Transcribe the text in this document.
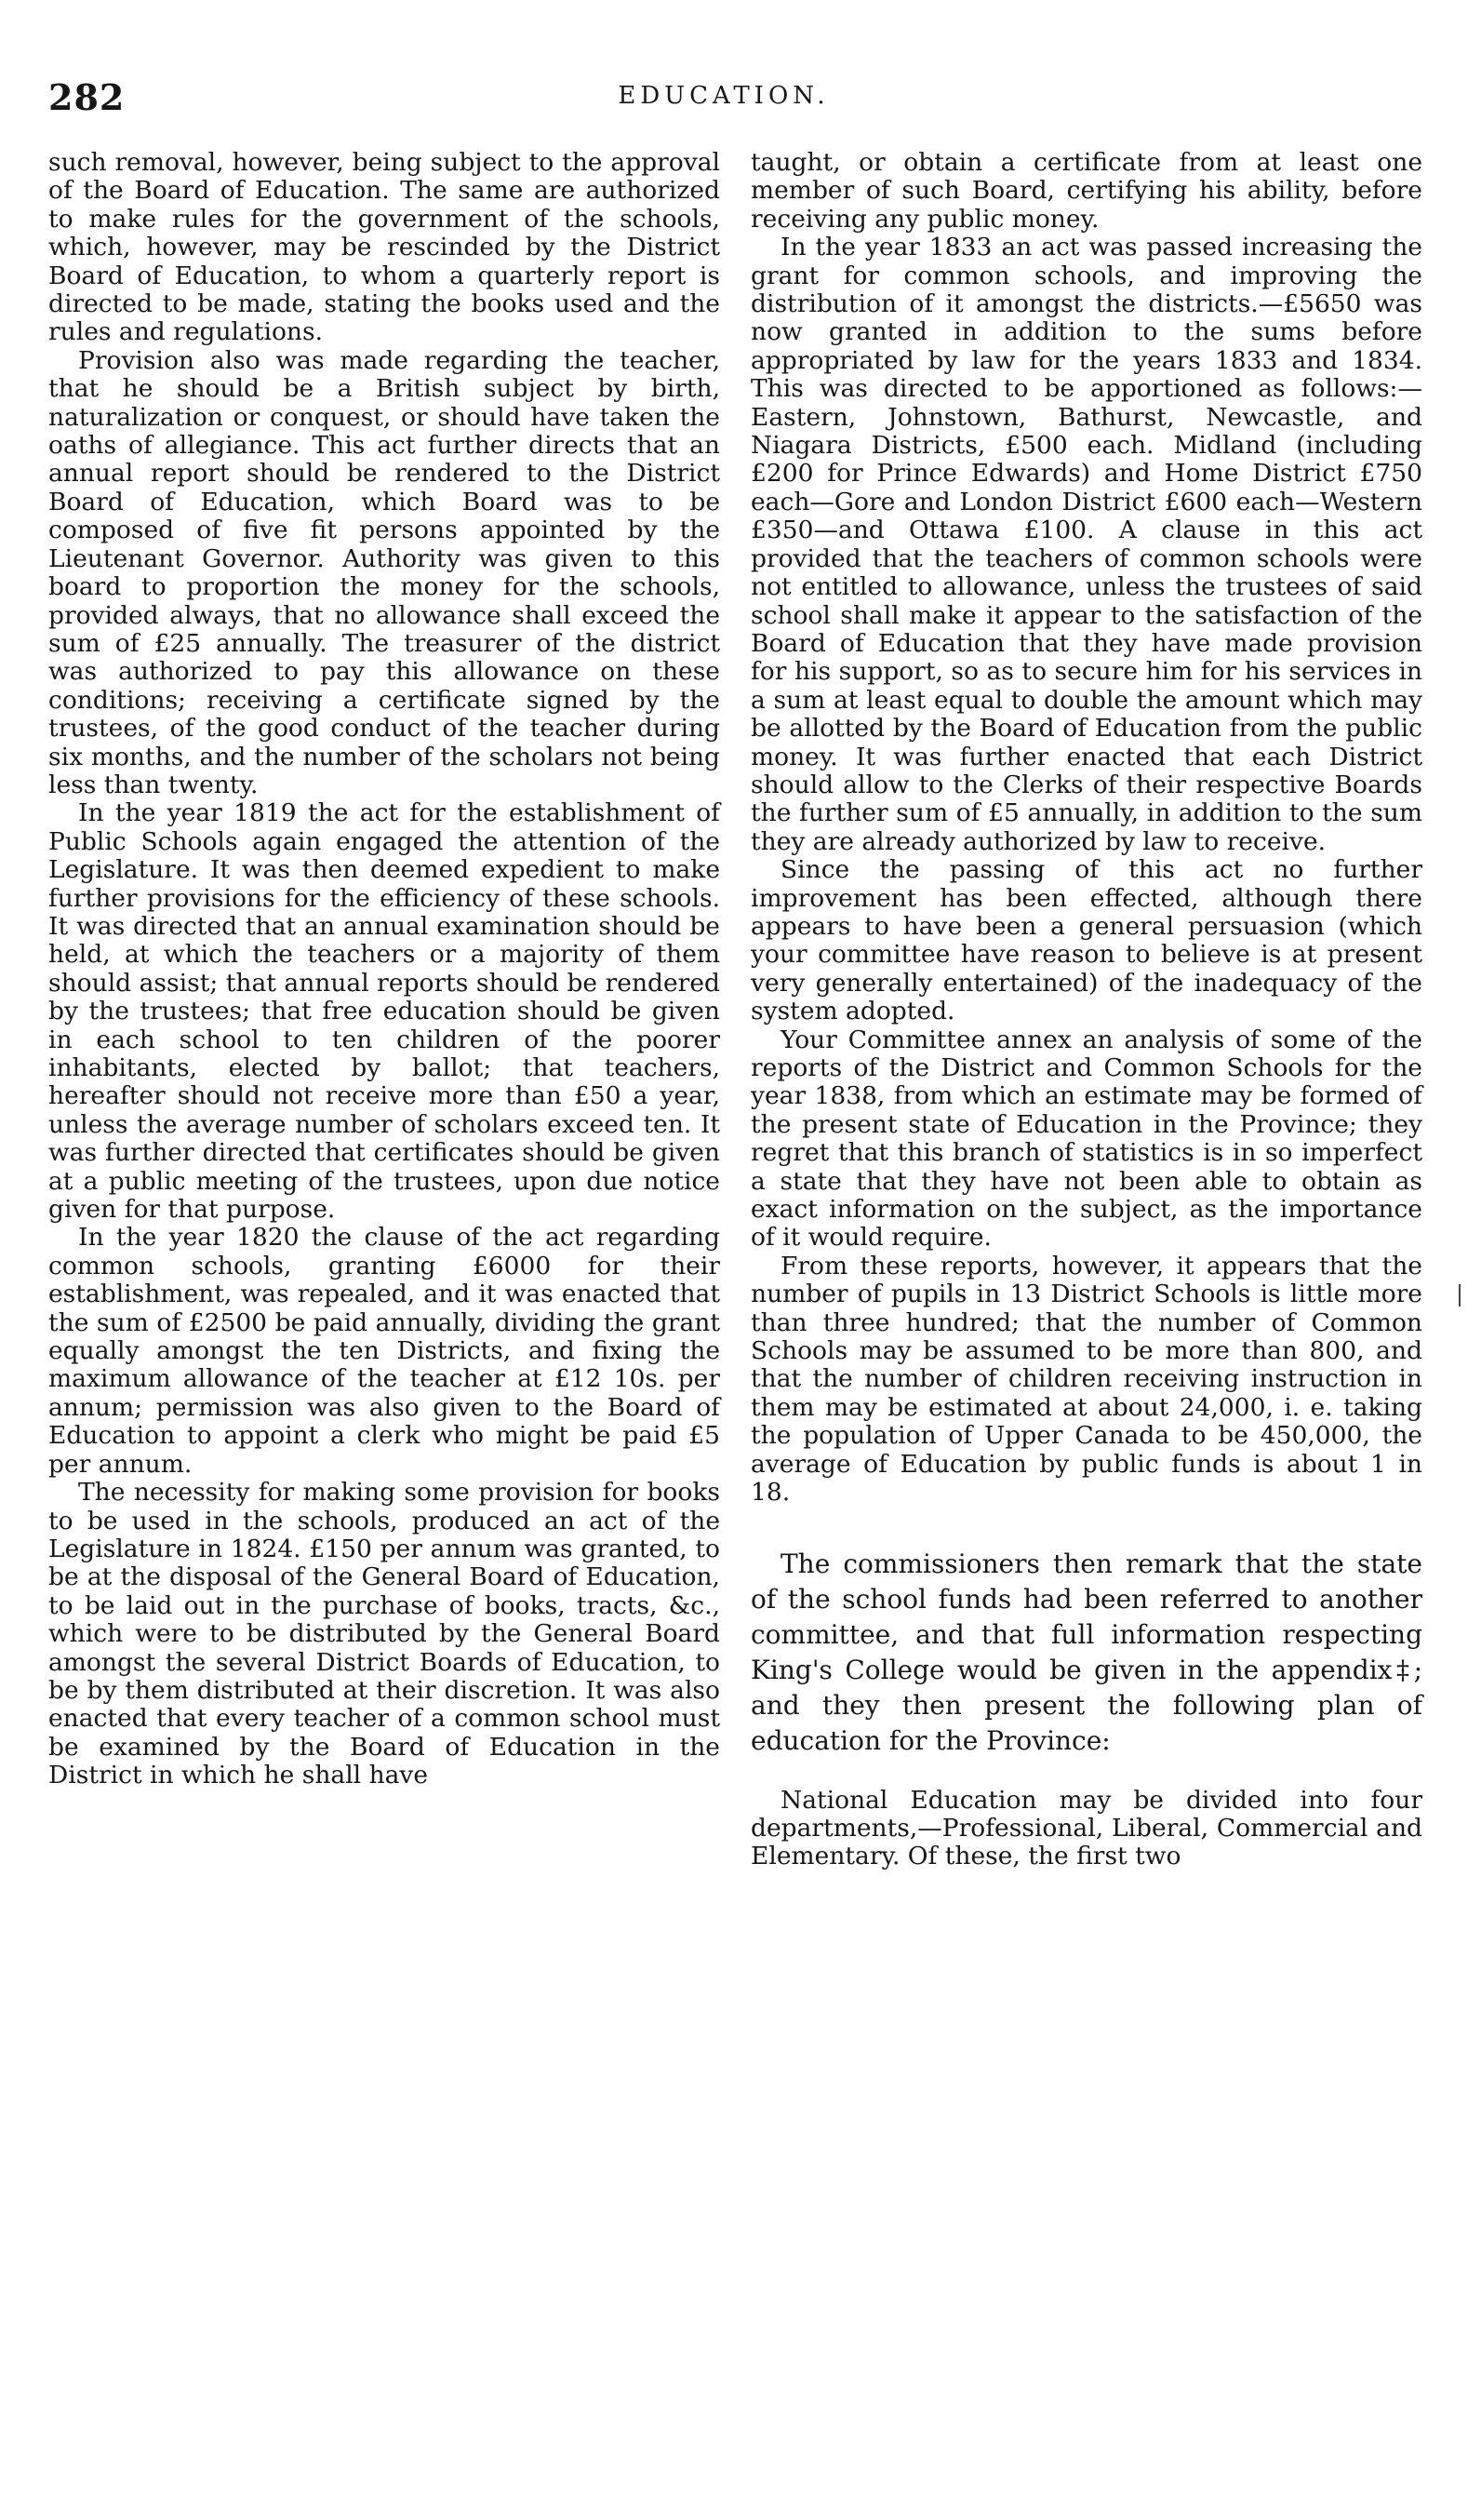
282	EDUCATION.

such removal, however, being subject to the approval of the Board of Education. The same are authorized to make rules for the government of the schools, which, however, may be rescinded by the District Board of Education, to whom a quarterly report is directed to be made, stating the books used and the rules and regulations.

Provision also was made regarding the teacher, that he should be a British subject by birth, naturalization or conquest, or should have taken the oaths of allegiance. This act further directs that an annual report should be rendered to the District Board of Education, which Board was to be composed of five fit persons appointed by the Lieutenant Governor. Authority was given to this board to proportion the money for the schools, provided always, that no allowance shall exceed the sum of £25 annually. The treasurer of the district was authorized to pay this allowance on these conditions; receiving a certificate signed by the trustees, of the good conduct of the teacher during six months, and the number of the scholars not being less than twenty.

In the year 1819 the act for the establishment of Public Schools again engaged the attention of the Legislature. It was then deemed expedient to make further provisions for the efficiency of these schools. It was directed that an annual examination should be held, at which the teachers or a majority of them should assist; that annual reports should be rendered by the trustees; that free education should be given in each school to ten children of the poorer inhabitants, elected by ballot; that teachers, hereafter should not receive more than £50 a year, unless the average number of scholars exceed ten. It was further directed that certificates should be given at a public meeting of the trustees, upon due notice given for that purpose.

In the year 1820 the clause of the act regarding common schools, granting £6000 for their establishment, was repealed, and it was enacted that the sum of £2500 be paid annually, dividing the grant equally amongst the ten Districts, and fixing the maximum allowance of the teacher at £12 10s. per annum; permission was also given to the Board of Education to appoint a clerk who might be paid £5 per annum.

The necessity for making some provision for books to be used in the schools, produced an act of the Legislature in 1824. £150 per annum was granted, to be at the disposal of the General Board of Education, to be laid out in the purchase of books, tracts, &c., which were to be distributed by the General Board amongst the several District Boards of Education, to be by them distributed at their discretion. It was also enacted that every teacher of a common school must be examined by the Board of Education in the District in which he shall have

taught, or obtain a certificate from at least one member of such Board, certifying his ability, before receiving any public money.

In the year 1833 an act was passed increasing the grant for common schools, and improving the distribution of it amongst the districts.—£5650 was now granted in addition to the sums before appropriated by law for the years 1833 and 1834. This was directed to be apportioned as follows:—Eastern, Johnstown, Bathurst, Newcastle, and Niagara Districts, £500 each. Midland (including £200 for Prince Edwards) and Home District £750 each—Gore and London District £600 each—Western £350—and Ottawa £100. A clause in this act provided that the teachers of common schools were not entitled to allowance, unless the trustees of said school shall make it appear to the satisfaction of the Board of Education that they have made provision for his support, so as to secure him for his services in a sum at least equal to double the amount which may be allotted by the Board of Education from the public money. It was further enacted that each District should allow to the Clerks of their respective Boards the further sum of £5 annually, in addition to the sum they are already authorized by law to receive.

Since the passing of this act no further improvement has been effected, although there appears to have been a general persuasion (which your committee have reason to believe is at present very generally entertained) of the inadequacy of the system adopted.

Your Committee annex an analysis of some of the reports of the District and Common Schools for the year 1838, from which an estimate may be formed of the present state of Education in the Province; they regret that this branch of statistics is in so imperfect a state that they have not been able to obtain as exact information on the subject, as the importance of it would require.

From these reports, however, it appears that the number of pupils in 13 District Schools is little more than three hundred; that the number of Common Schools may be assumed to be more than 800, and that the number of children receiving instruction in them may be estimated at about 24,000, i. e. taking the population of Upper Canada to be 450,000, the average of Education by public funds is about 1 in 18.

The commissioners then remark that the state of the school funds had been referred to another committee, and that full information respecting King's College would be given in the appendix‡; and they then present the following plan of education for the Province:

National Education may be divided into four departments,—Professional, Liberal, Commercial and Elementary. Of these, the first two
